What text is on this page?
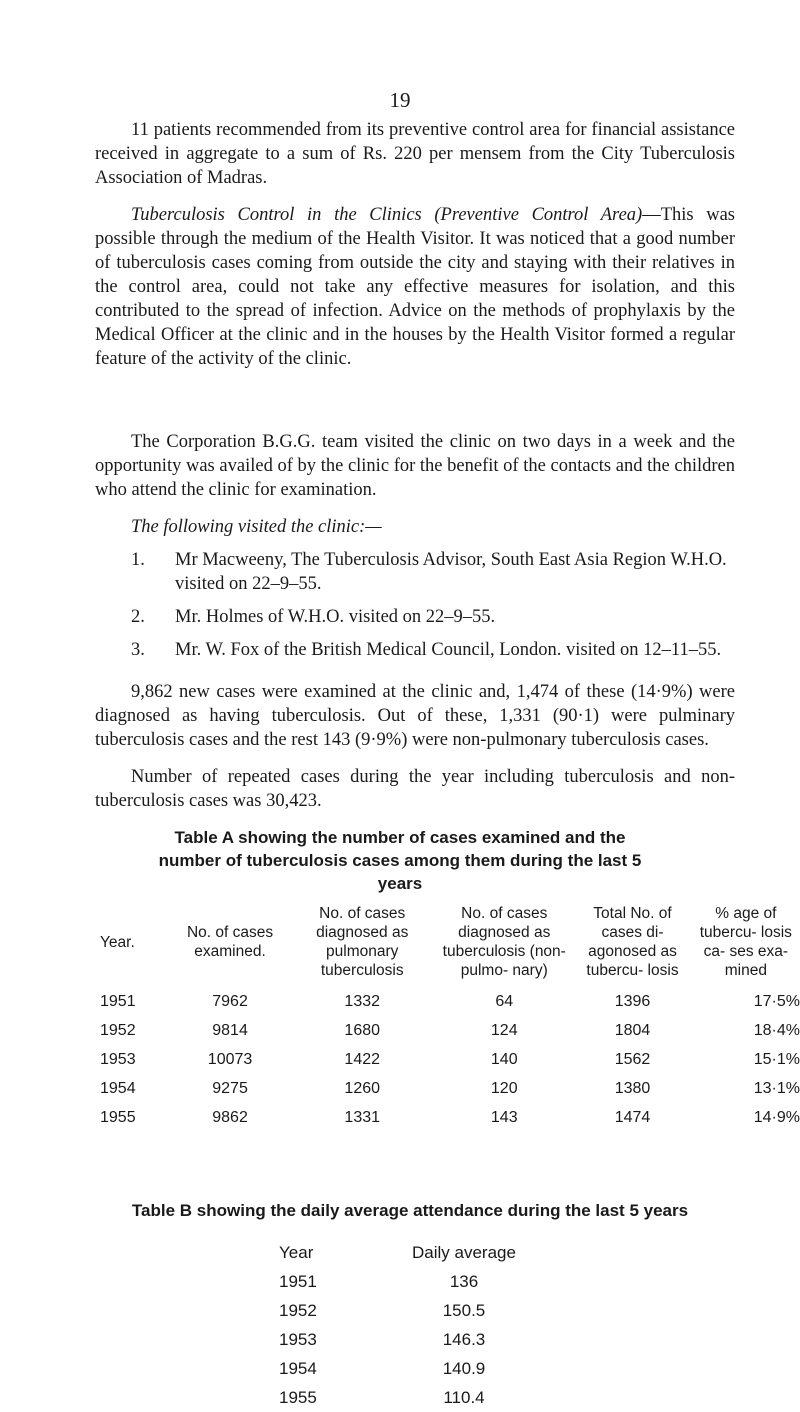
19

11 patients recommended from its preventive control area for financial assistance received in aggregate to a sum of Rs. 220 per mensem from the City Tuberculosis Association of Madras.

Tuberculosis Control in the Clinics (Preventive Control Area)—This was possible through the medium of the Health Visitor. It was noticed that a good number of tuberculosis cases coming from outside the city and staying with their relatives in the control area, could not take any effective measures for isolation, and this contributed to the spread of infection. Advice on the methods of prophylaxis by the Medical Officer at the clinic and in the houses by the Health Visitor formed a regular feature of the activity of the clinic.

The Corporation B.G.G. team visited the clinic on two days in a week and the opportunity was availed of by the clinic for the benefit of the contacts and the children who attend the clinic for examination.

The following visited the clinic:—

1. Mr Macweeny, The Tuberculosis Advisor, South East Asia Region W.H.O. visited on 22–9–55.
2. Mr. Holmes of W.H.O. visited on 22–9–55.
3. Mr. W. Fox of the British Medical Council, London. visited on 12–11–55.

9,862 new cases were examined at the clinic and, 1,474 of these (14·9%) were diagnosed as having tuberculosis. Out of these, 1,331 (90·1) were pulminary tuberculosis cases and the rest 143 (9·9%) were non-pulmonary tuberculosis cases.

Number of repeated cases during the year including tuberculosis and non-tuberculosis cases was 30,423.

Table A showing the number of cases examined and the number of tuberculosis cases among them during the last 5 years
Year.	No. of cases examined.	No. of cases diagnosed as pulmonary tuberculosis	No. of cases diagnosed as tuberculosis (non-pulmo- nary)	Total No. of cases di- agonosed as tubercu- losis	% age of tubercu- losis ca- ses exa- mined
1951	7962	1332	64	1396	17·5%
1952	9814	1680	124	1804	18·4%
1953	10073	1422	140	1562	15·1%
1954	9275	1260	120	1380	13·1%
1955	9862	1331	143	1474	14·9%
Table B showing the daily average attendance during the last 5 years
Year	Daily average
1951	136
1952	150.5
1953	146.3
1954	140.9
1955	110.4
